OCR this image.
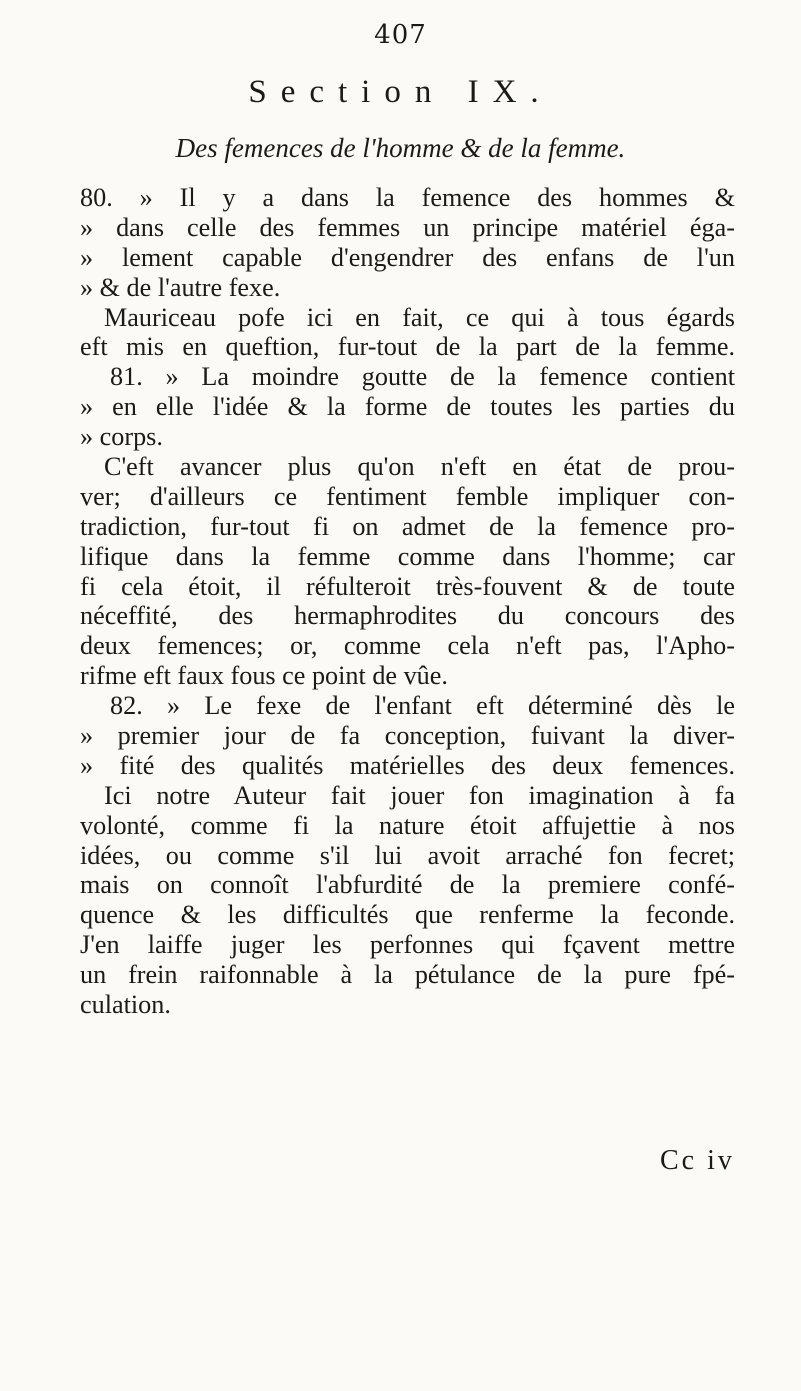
407
Section IX.
Des femences de l'homme & de la femme.
80. » Il y a dans la femence des hommes &
» dans celle des femmes un principe matériel éga-
» lement capable d'engendrer des enfans de l'un
» & de l'autre fexe.
Mauriceau pofe ici en fait, ce qui à tous égards
eft mis en queftion, fur-tout de la part de la femme.
81. » La moindre goutte de la femence contient
» en elle l'idée & la forme de toutes les parties du
» corps.
C'eft avancer plus qu'on n'eft en état de prou-
ver; d'ailleurs ce fentiment femble impliquer con-
tradiction, fur-tout fi on admet de la femence pro-
lifique dans la femme comme dans l'homme; car
fi cela étoit, il réfulteroit très-fouvent & de toute
néceffité, des hermaphrodites du concours des
deux femences; or, comme cela n'eft pas, l'Apho-
rifme eft faux fous ce point de vûe.
82. » Le fexe de l'enfant eft déterminé dès le
» premier jour de fa conception, fuivant la diver-
» fité des qualités matérielles des deux femences.
Ici notre Auteur fait jouer fon imagination à fa
volonté, comme fi la nature étoit affujettie à nos
idées, ou comme s'il lui avoit arraché fon fecret;
mais on connoît l'abfurdité de la premiere confé-
quence & les difficultés que renferme la feconde.
J'en laiffe juger les perfonnes qui fçavent mettre
un frein raifonnable à la pétulance de la pure fpé-
culation.
Cc iv
